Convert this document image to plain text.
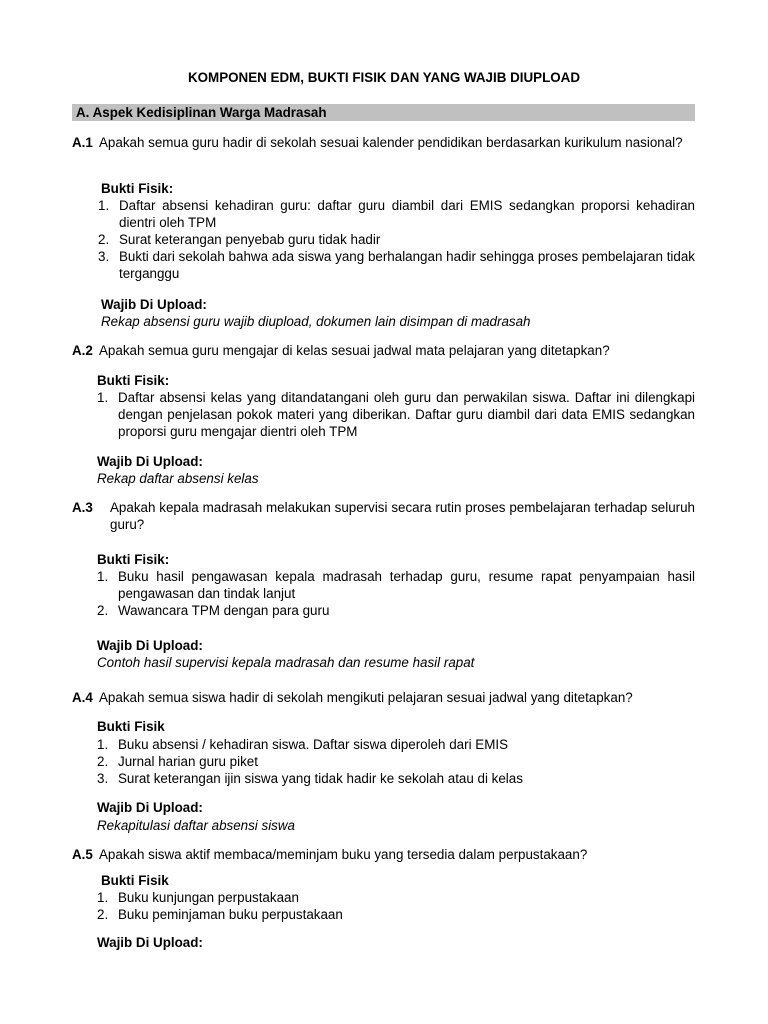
KOMPONEN EDM, BUKTI FISIK DAN YANG WAJIB DIUPLOAD
A. Aspek Kedisiplinan Warga Madrasah
A.1 Apakah semua guru hadir di sekolah sesuai kalender pendidikan berdasarkan kurikulum nasional?
Bukti Fisik:
1. Daftar absensi kehadiran guru: daftar guru diambil dari EMIS sedangkan proporsi kehadiran dientri oleh TPM
2. Surat keterangan penyebab guru tidak hadir
3. Bukti dari sekolah bahwa ada siswa yang berhalangan hadir sehingga proses pembelajaran tidak terganggu
Wajib Di Upload:
Rekap absensi guru wajib diupload, dokumen lain disimpan di madrasah
A.2 Apakah semua guru mengajar di kelas sesuai jadwal mata pelajaran yang ditetapkan?
Bukti Fisik:
1. Daftar absensi kelas yang ditandatangani oleh guru dan perwakilan siswa. Daftar ini dilengkapi dengan penjelasan pokok materi yang diberikan. Daftar guru diambil dari data EMIS sedangkan proporsi guru mengajar dientri oleh TPM
Wajib Di Upload:
Rekap daftar absensi kelas
A.3	Apakah kepala madrasah melakukan supervisi secara rutin proses pembelajaran terhadap seluruh guru?
Bukti Fisik:
1. Buku hasil pengawasan kepala madrasah terhadap guru, resume rapat penyampaian hasil pengawasan dan tindak lanjut
2. Wawancara TPM dengan para guru
Wajib Di Upload:
Contoh hasil supervisi kepala madrasah dan resume hasil rapat
A.4 Apakah semua siswa hadir di sekolah mengikuti pelajaran sesuai jadwal yang ditetapkan?
Bukti Fisik
1. Buku absensi / kehadiran siswa. Daftar siswa diperoleh dari EMIS
2. Jurnal harian guru piket
3. Surat keterangan ijin siswa yang tidak hadir ke sekolah atau di kelas
Wajib Di Upload:
Rekapitulasi daftar absensi siswa
A.5 Apakah siswa aktif membaca/meminjam buku yang tersedia dalam perpustakaan?
Bukti Fisik
1. Buku kunjungan perpustakaan
2. Buku peminjaman buku perpustakaan
Wajib Di Upload:
